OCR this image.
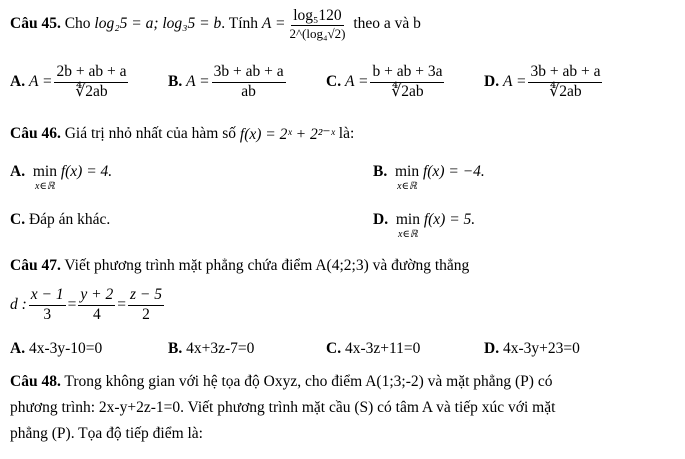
Câu 45. Cho log₂5 = a; log₃5 = b . Tính $A = \frac{\text{log₅120}}{\text{2\textasciicircum{}(log₄√2)}}$ theo a và b
A.
$A = \frac{2b + ab + a}{∜2ab}$	B.
$A = \frac{3b + ab + a}{ab}$	C.
$A = \frac{b + ab + 3a}{∜2ab}$	D.
$A = \frac{3b + ab + a}{∜2ab}$
Câu 46. Giá trị nhỏ nhất của hàm số f(x) = 2ˣ + 2²⁻ˣ là:
A. min
x∈ℝ
f(x) = 4.	B. min
x∈ℝ
f(x) = −4.
C. Đáp án khác.	D. min
x∈ℝ
f(x) = 5.
Câu 47. Viết phương trình mặt phẳng chứa điểm A(4;2;3) và đường thẳng
d : $\frac{x - 1}{3} = \frac{y + 2}{4} = \frac{z - 5}{2}$
A. 4x-3y-10=0	B. 4x+3z-7=0	C. 4x-3z+11=0	D. 4x-3y+23=0
Câu 48. Trong không gian với hệ tọa độ Oxyz, cho điểm A(1;3;-2) và mặt phẳng (P) có
phương trình: 2x-y+2z-1=0. Viết phương trình mặt cầu (S) có tâm A và tiếp xúc với mặt
phẳng (P). Tọa độ tiếp điểm là:
